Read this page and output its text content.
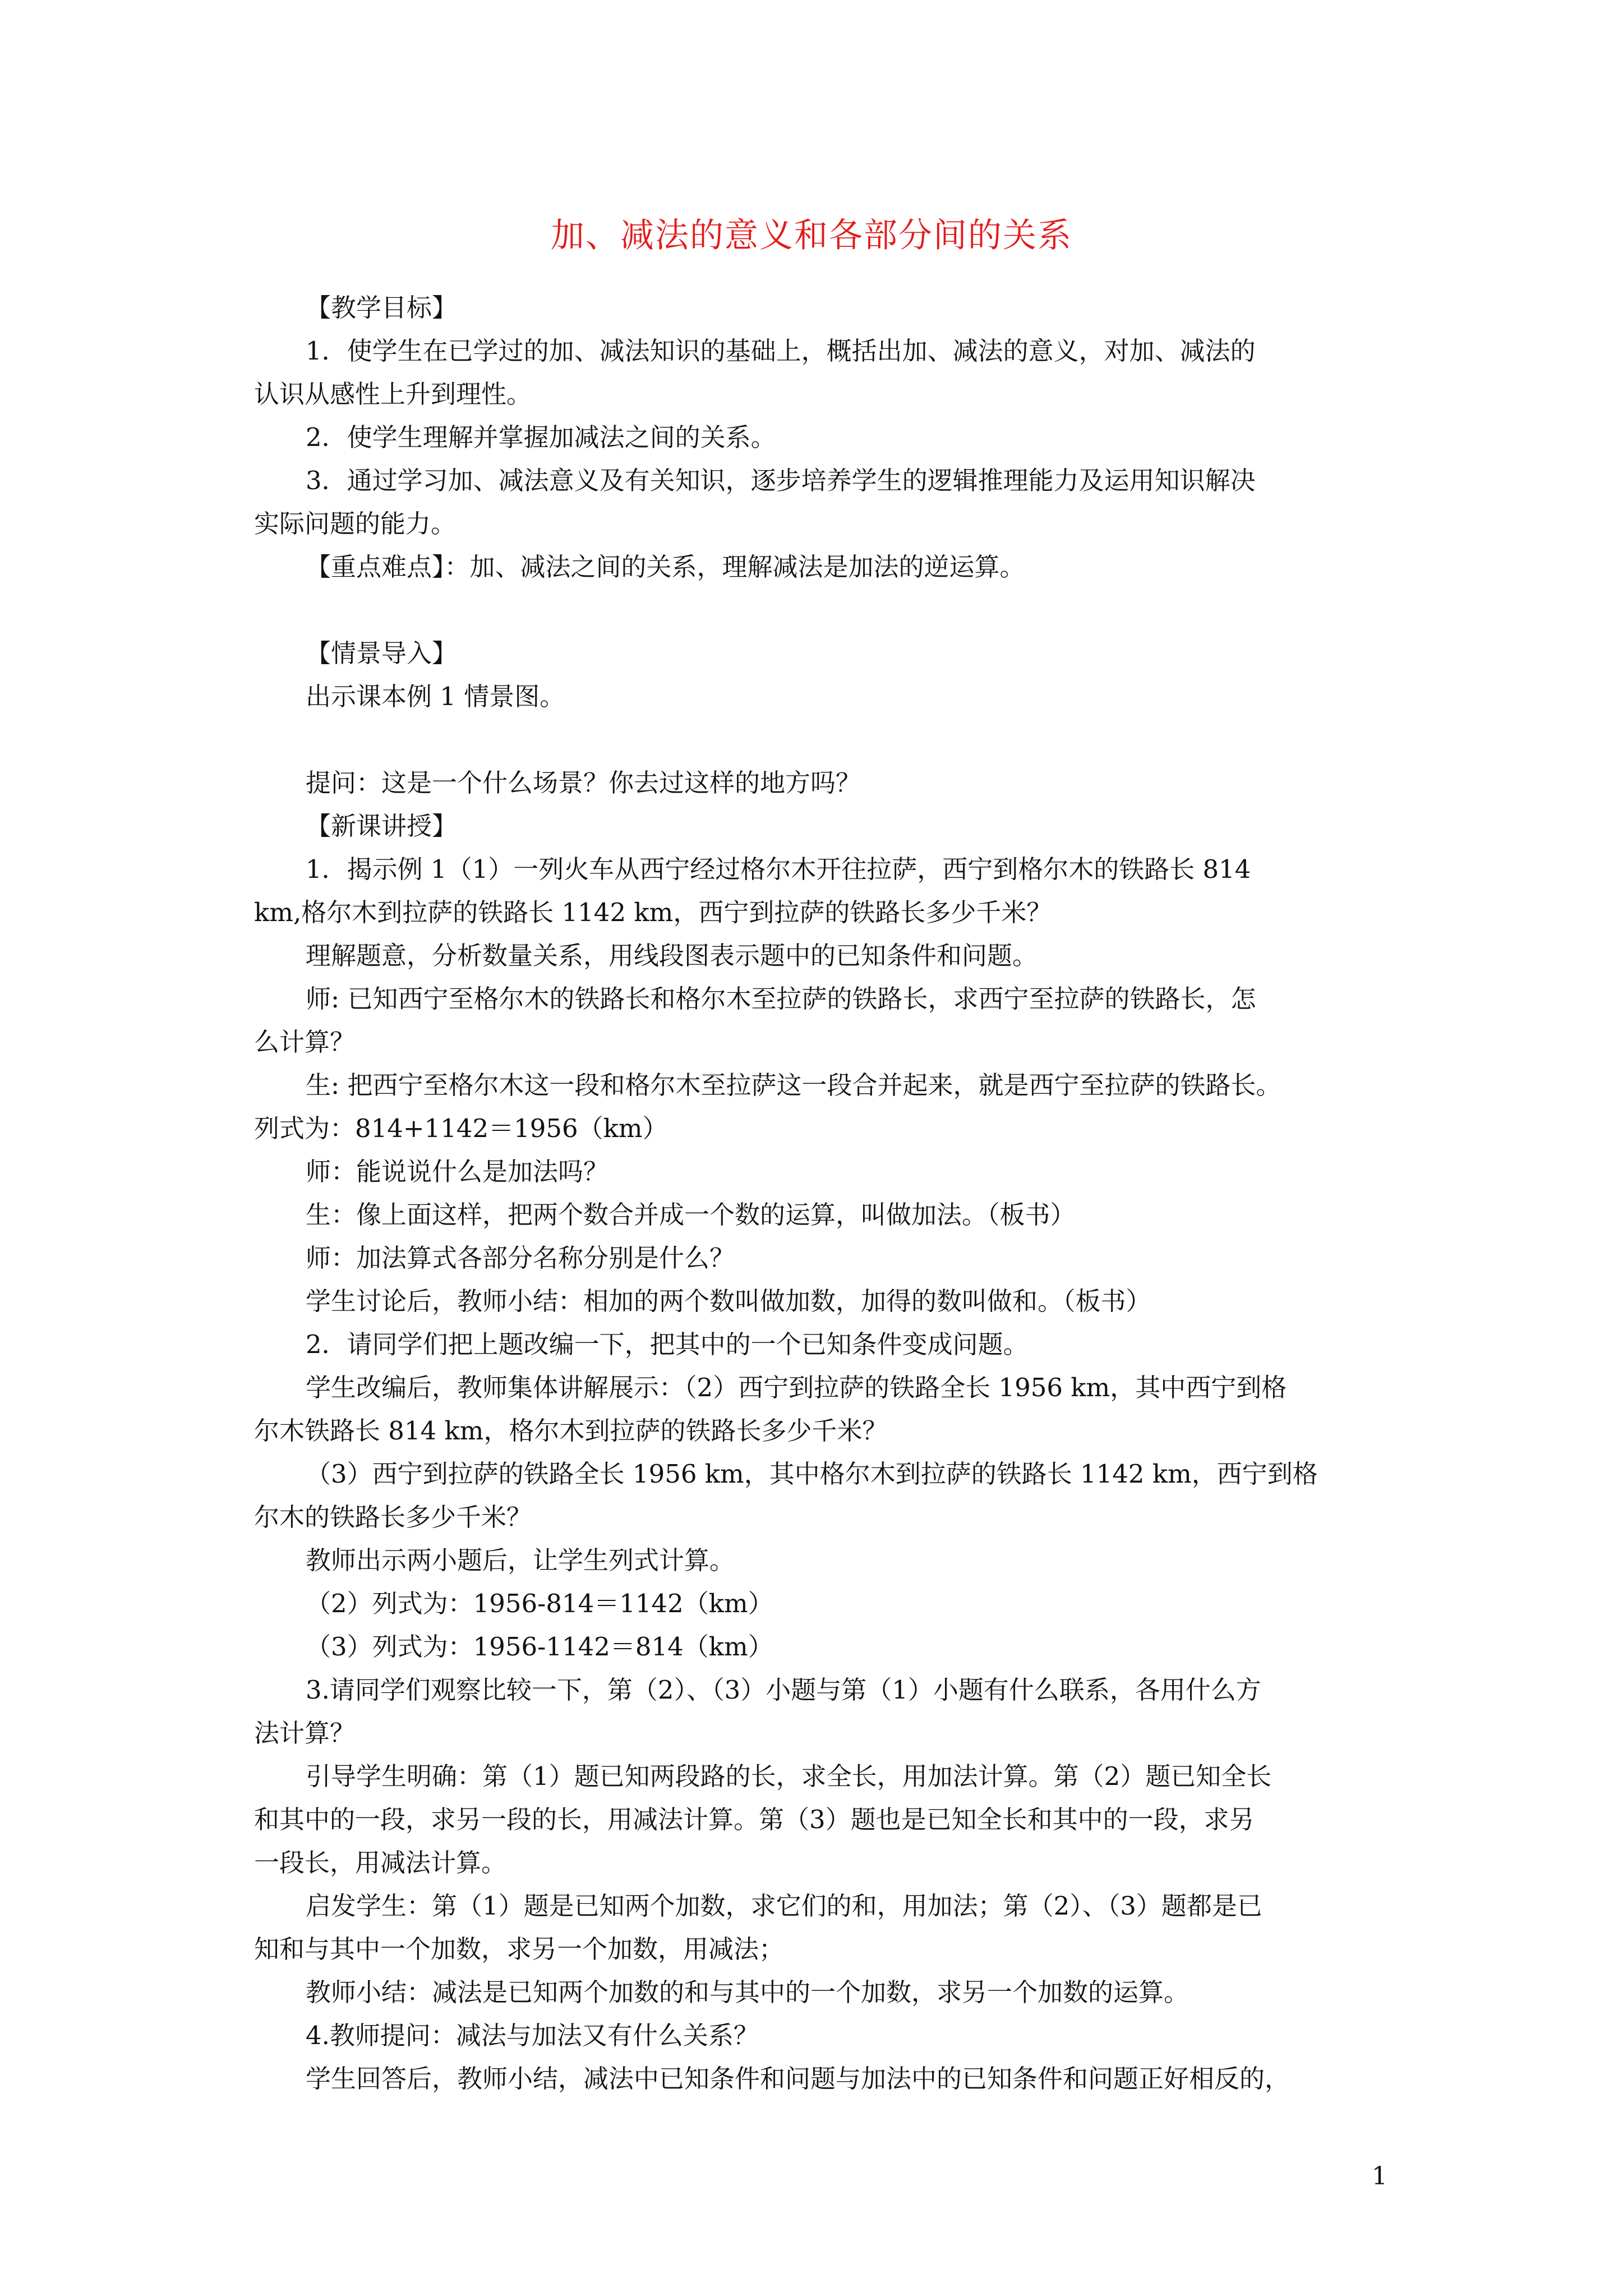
加、减法的意义和各部分间的关系
【教学目标】
1．使学生在已学过的加、减法知识的基础上，概括出加、减法的意义，对加、减法的
认识从感性上升到理性。
2．使学生理解并掌握加减法之间的关系。
3．通过学习加、减法意义及有关知识，逐步培养学生的逻辑推理能力及运用知识解决
实际问题的能力。
【重点难点】：加、减法之间的关系，理解减法是加法的逆运算。
【情景导入】
出示课本例 1 情景图。
提问：这是一个什么场景？你去过这样的地方吗？
【新课讲授】
1．揭示例 1（1）一列火车从西宁经过格尔木开往拉萨，西宁到格尔木的铁路长 814
km,格尔木到拉萨的铁路长 1142 km，西宁到拉萨的铁路长多少千米？
理解题意，分析数量关系，用线段图表示题中的已知条件和问题。
师: 已知西宁至格尔木的铁路长和格尔木至拉萨的铁路长，求西宁至拉萨的铁路长，怎
么计算？
生: 把西宁至格尔木这一段和格尔木至拉萨这一段合并起来，就是西宁至拉萨的铁路长。
列式为：814+1142＝1956（km）
师：能说说什么是加法吗？
生：像上面这样，把两个数合并成一个数的运算，叫做加法。（板书）
师：加法算式各部分名称分别是什么？
学生讨论后，教师小结：相加的两个数叫做加数，加得的数叫做和。（板书）
2．请同学们把上题改编一下，把其中的一个已知条件变成问题。
学生改编后，教师集体讲解展示：（2）西宁到拉萨的铁路全长 1956 km，其中西宁到格
尔木铁路长 814 km，格尔木到拉萨的铁路长多少千米？
（3）西宁到拉萨的铁路全长 1956 km，其中格尔木到拉萨的铁路长 1142 km，西宁到格
尔木的铁路长多少千米？
教师出示两小题后，让学生列式计算。
（2）列式为：1956-814＝1142（km）
（3）列式为：1956-1142＝814（km）
3.请同学们观察比较一下，第（2）、（3）小题与第（1）小题有什么联系，各用什么方
法计算？
引导学生明确：第（1）题已知两段路的长，求全长，用加法计算。第（2）题已知全长
和其中的一段，求另一段的长，用减法计算。第（3）题也是已知全长和其中的一段，求另
一段长，用减法计算。
启发学生：第（1）题是已知两个加数，求它们的和，用加法；第（2）、（3）题都是已
知和与其中一个加数，求另一个加数，用减法；
教师小结：减法是已知两个加数的和与其中的一个加数，求另一个加数的运算。
4.教师提问：减法与加法又有什么关系？
学生回答后，教师小结，减法中已知条件和问题与加法中的已知条件和问题正好相反的，
1
